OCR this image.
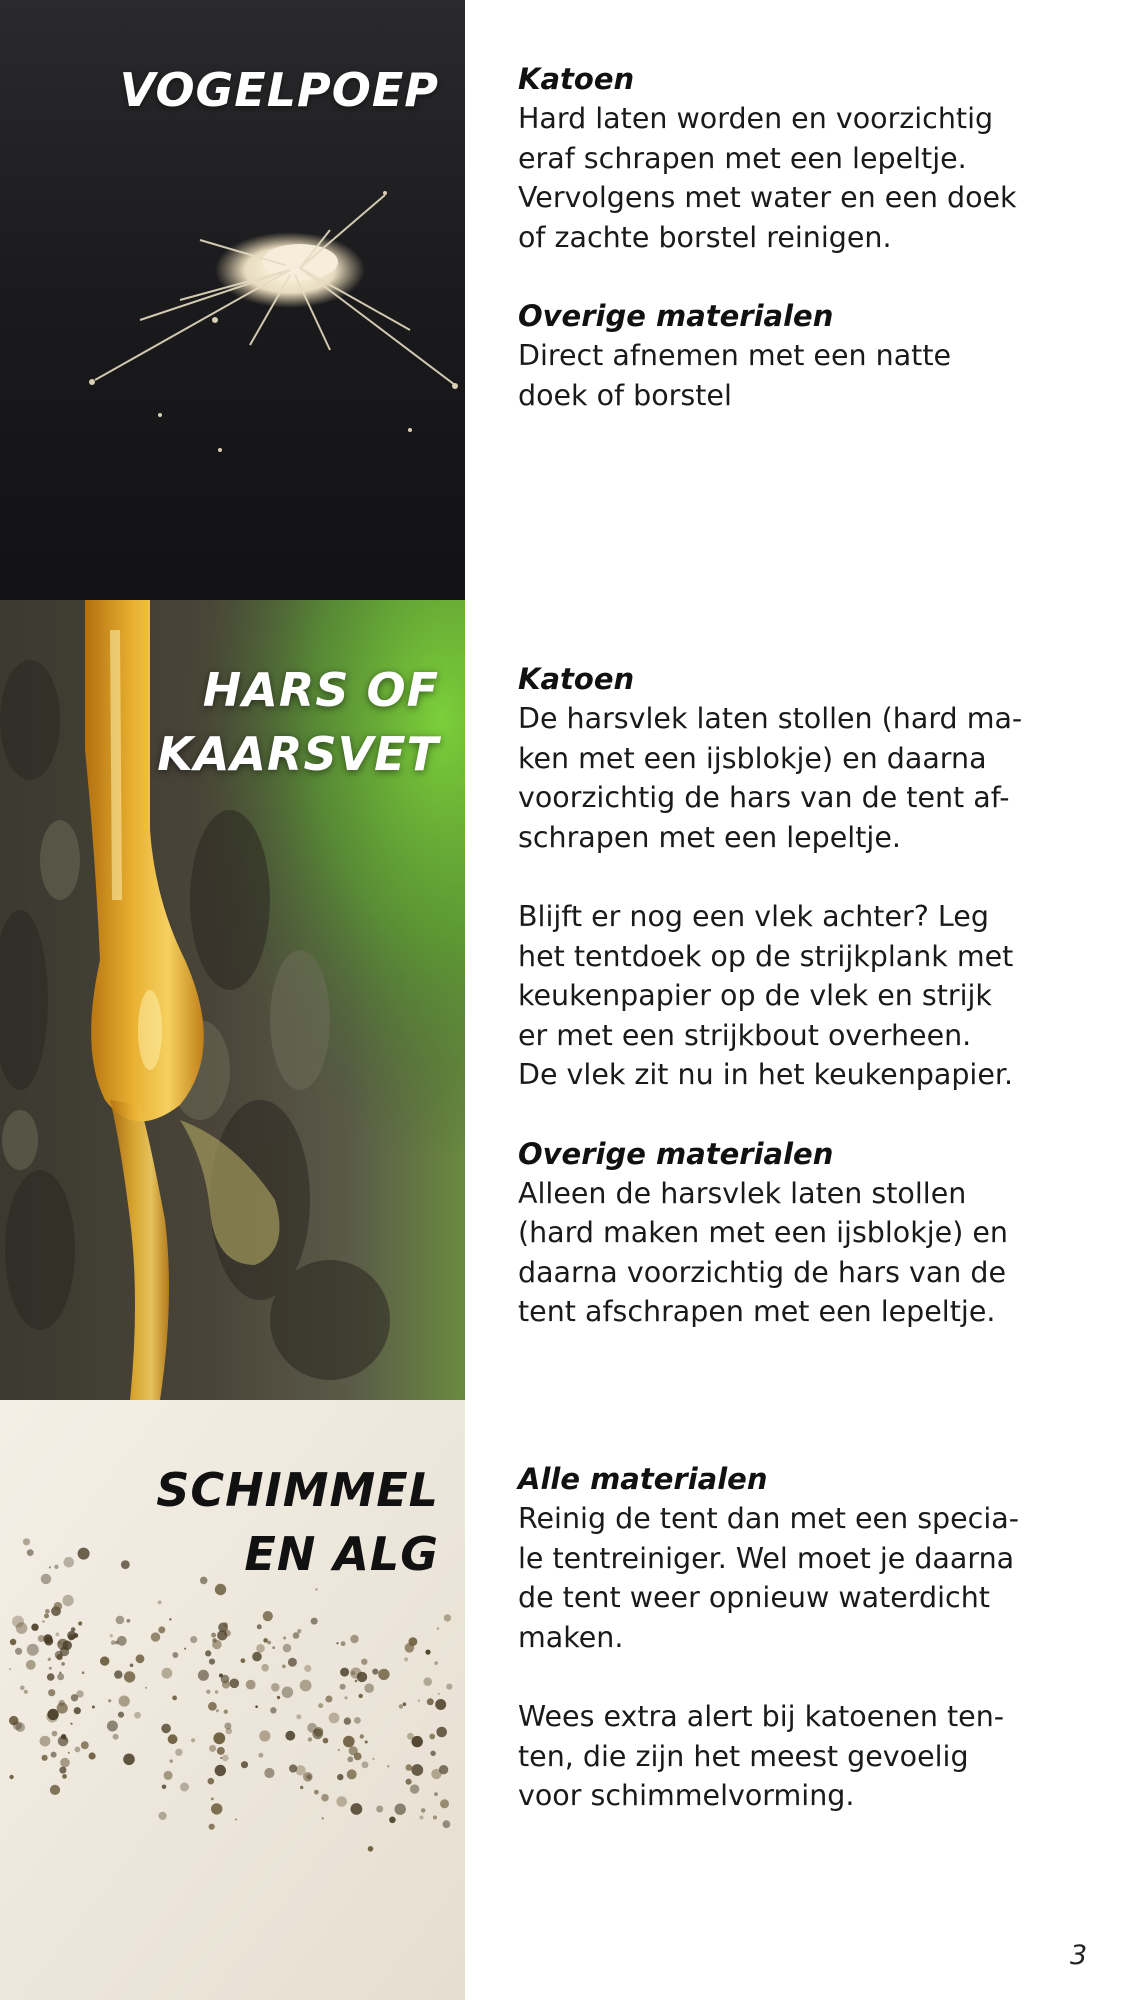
VOGELPOEP	Katoen

Hard laten worden en voorzichtig
eraf schrapen met een lepeltje.
Vervolgens met water en een doek
of zachte borstel reinigen.

Overige materialen

Direct afnemen met een natte
doek of borstel

HARS OF
KAARSVET
Katoen

De harsvlek laten stollen (hard ma-
ken met een ijsblokje) en daarna
voorzichtig de hars van de tent af-
schrapen met een lepeltje.

Blijft er nog een vlek achter? Leg
het tentdoek op de strijkplank met
keukenpapier op de vlek en strijk
er met een strijkbout overheen.
De vlek zit nu in het keukenpapier.

Overige materialen

Alleen de harsvlek laten stollen
(hard maken met een ijsblokje) en
daarna voorzichtig de hars van de
tent afschrapen met een lepeltje.

SCHIMMEL
EN ALG
Alle materialen

Reinig de tent dan met een specia-
le tentreiniger. Wel moet je daarna
de tent weer opnieuw waterdicht
maken.

Wees extra alert bij katoenen ten-
ten, die zijn het meest gevoelig
voor schimmelvorming.

3
